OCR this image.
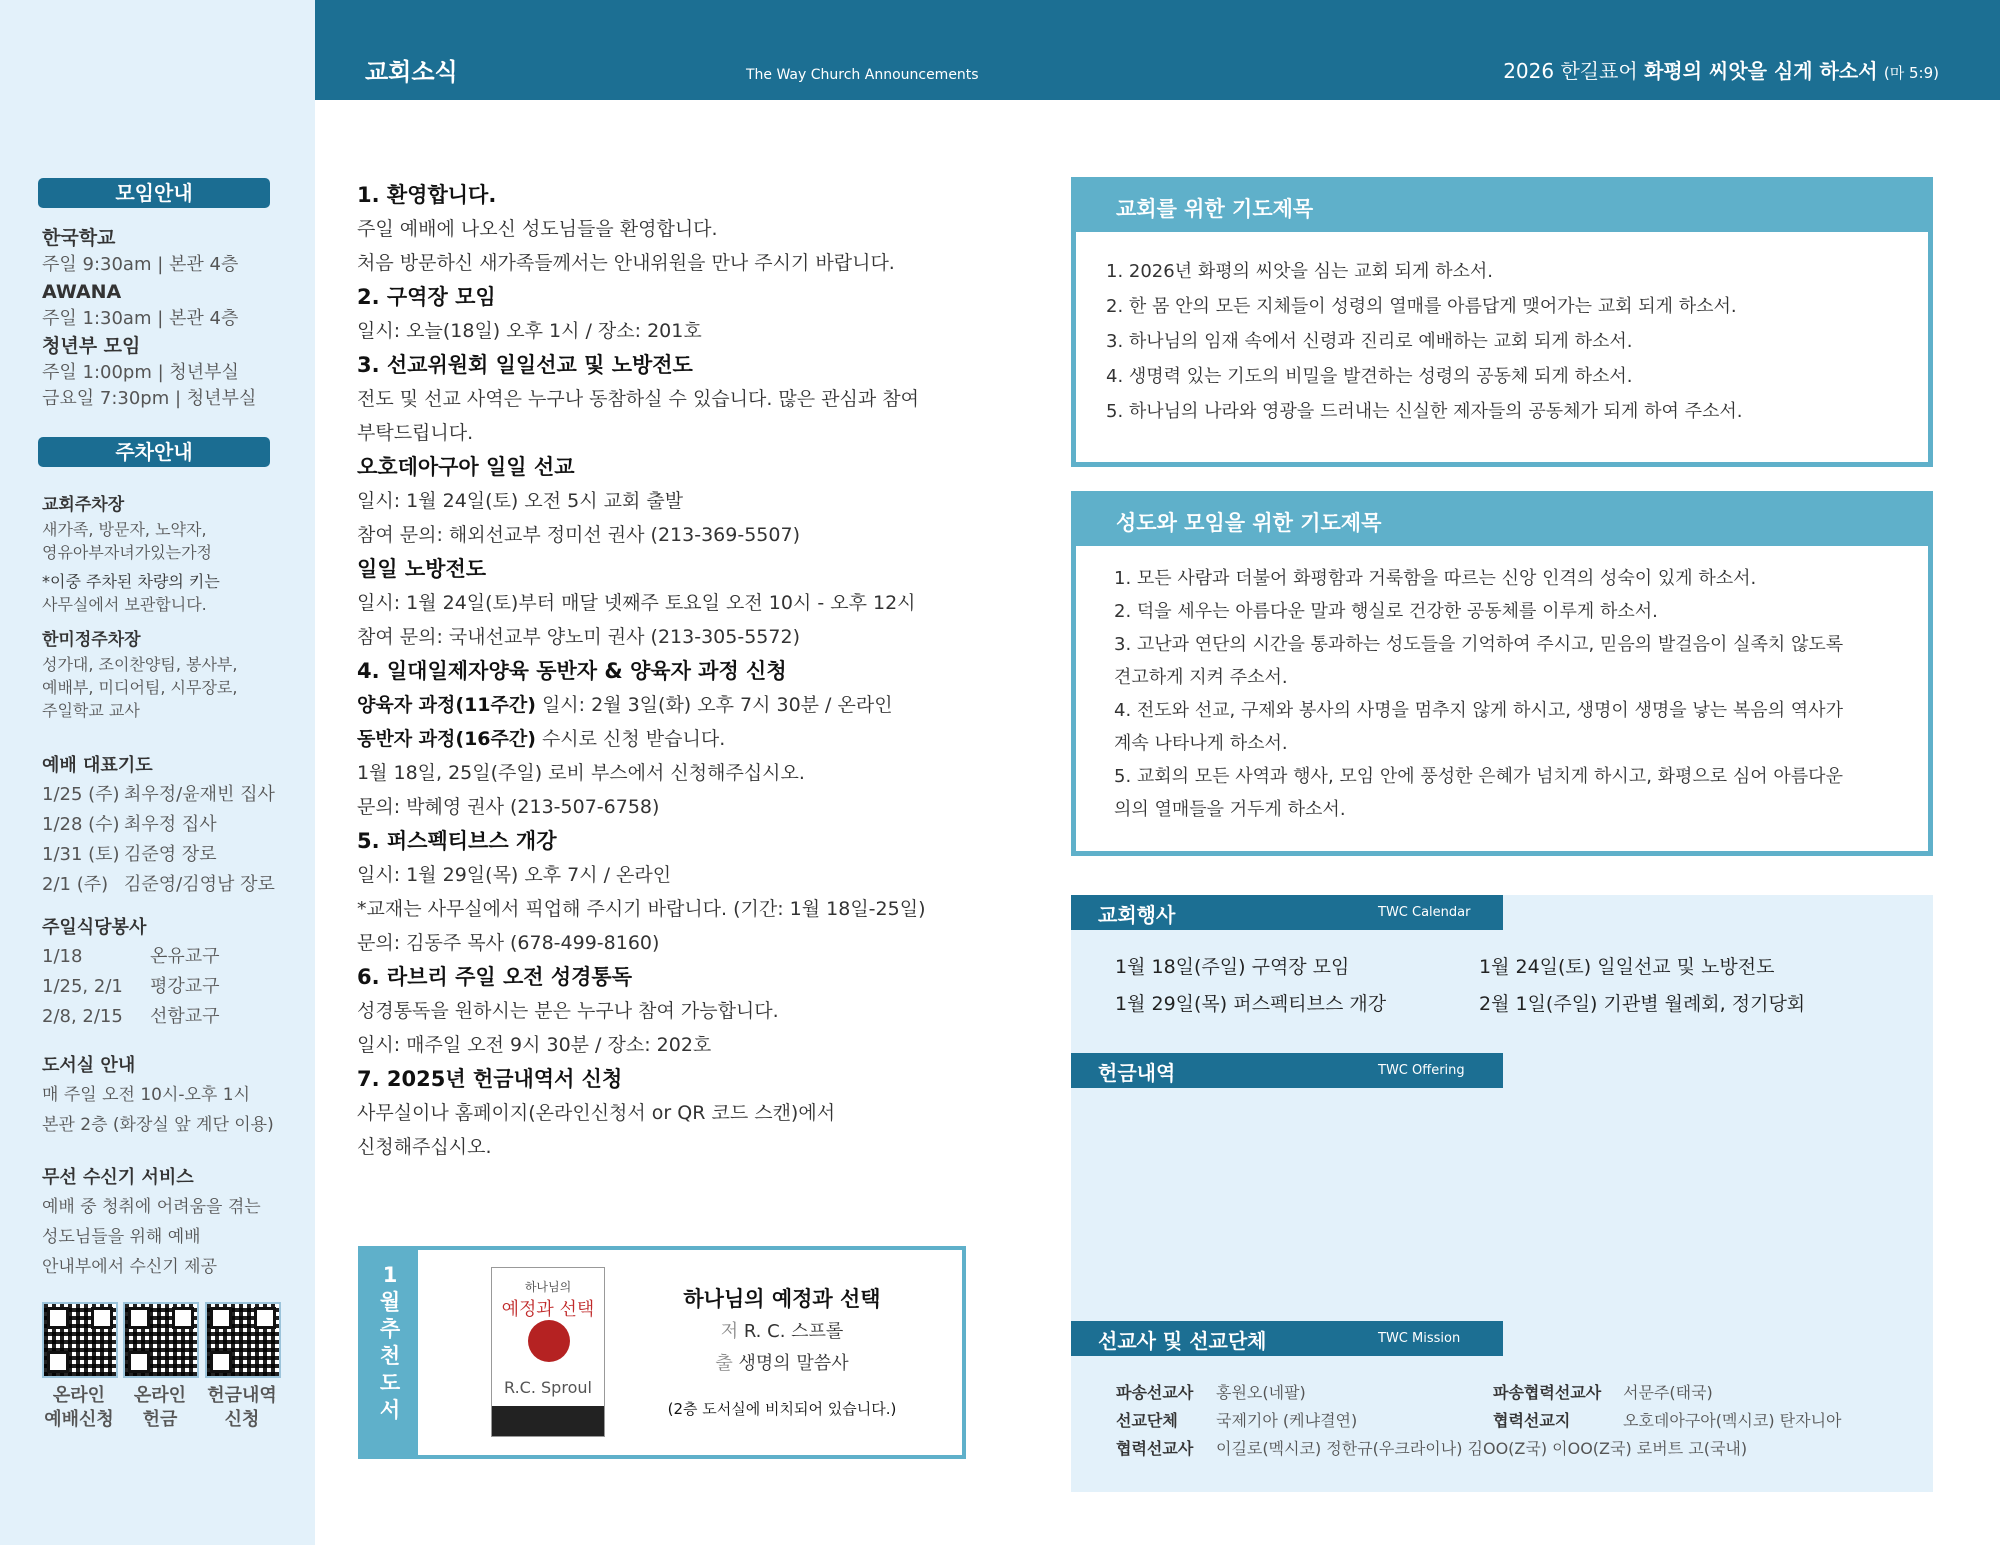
교회소식	The Way Church Announcements	2026 한길표어 화평의 씨앗을 심게 하소서 (마 5:9)
모임안내
한국학교
주일 9:30am | 본관 4층
AWANA
주일 1:30am | 본관 4층
청년부 모임
주일 1:00pm | 청년부실
금요일 7:30pm | 청년부실
주차안내
교회주차장
새가족, 방문자, 노약자,
영유아부자녀가있는가정
*이중 주차된 차량의 키는
사무실에서 보관합니다.
한미정주차장
성가대, 조이찬양팀, 봉사부,
예배부, 미디어팀, 시무장로,
주일학교 교사
예배 대표기도
1/25 (주) 최우정/윤재빈 집사
1/28 (수) 최우정 집사
1/31 (토) 김준영 장로
2/1 (주) 김준영/김영남 장로
주일식당봉사
1/18	온유교구
1/25, 2/1	평강교구
2/8, 2/15	선함교구
도서실 안내
매 주일 오전 10시-오후 1시
본관 2층 (화장실 앞 계단 이용)
무선 수신기 서비스
예배 중 청취에 어려움을 겪는
성도님들을 위해 예배
안내부에서 수신기 제공
온라인
예배신청
온라인
헌금
헌금내역
신청
1. 환영합니다.
주일 예배에 나오신 성도님들을 환영합니다.
처음 방문하신 새가족들께서는 안내위원을 만나 주시기 바랍니다.
2. 구역장 모임
일시: 오늘(18일) 오후 1시 / 장소: 201호
3. 선교위원회 일일선교 및 노방전도
전도 및 선교 사역은 누구나 동참하실 수 있습니다. 많은 관심과 참여
부탁드립니다.
오호데아구아 일일 선교
일시: 1월 24일(토) 오전 5시 교회 출발
참여 문의: 해외선교부 정미선 권사 (213-369-5507)
일일 노방전도
일시: 1월 24일(토)부터 매달 넷째주 토요일 오전 10시 - 오후 12시
참여 문의: 국내선교부 양노미 권사 (213-305-5572)
4. 일대일제자양육 동반자 & 양육자 과정 신청
양육자 과정(11주간) 일시: 2월 3일(화) 오후 7시 30분 / 온라인
동반자 과정(16주간) 수시로 신청 받습니다.
1월 18일, 25일(주일) 로비 부스에서 신청해주십시오.
문의: 박혜영 권사 (213-507-6758)
5. 퍼스펙티브스 개강
일시: 1월 29일(목) 오후 7시 / 온라인
*교재는 사무실에서 픽업해 주시기 바랍니다. (기간: 1월 18일-25일)
문의: 김동주 목사 (678-499-8160)
6. 라브리 주일 오전 성경통독
성경통독을 원하시는 분은 누구나 참여 가능합니다.
일시: 매주일 오전 9시 30분 / 장소: 202호
7. 2025년 헌금내역서 신청
사무실이나 홈페이지(온라인신청서 or QR 코드 스캔)에서
신청해주십시오.
1
월
추
천
도
서
하나님의
예정과 선택
R.C. Sproul
하나님의 예정과 선택
저 R. C. 스프롤
출 생명의 말씀사
(2층 도서실에 비치되어 있습니다.)
교회를 위한 기도제목
1. 2026년 화평의 씨앗을 심는 교회 되게 하소서.
2. 한 몸 안의 모든 지체들이 성령의 열매를 아름답게 맺어가는 교회 되게 하소서.
3. 하나님의 임재 속에서 신령과 진리로 예배하는 교회 되게 하소서.
4. 생명력 있는 기도의 비밀을 발견하는 성령의 공동체 되게 하소서.
5. 하나님의 나라와 영광을 드러내는 신실한 제자들의 공동체가 되게 하여 주소서.
성도와 모임을 위한 기도제목
1. 모든 사람과 더불어 화평함과 거룩함을 따르는 신앙 인격의 성숙이 있게 하소서.
2. 덕을 세우는 아름다운 말과 행실로 건강한 공동체를 이루게 하소서.
3. 고난과 연단의 시간을 통과하는 성도들을 기억하여 주시고, 믿음의 발걸음이 실족치 않도록
견고하게 지켜 주소서.
4. 전도와 선교, 구제와 봉사의 사명을 멈추지 않게 하시고, 생명이 생명을 낳는 복음의 역사가
계속 나타나게 하소서.
5. 교회의 모든 사역과 행사, 모임 안에 풍성한 은혜가 넘치게 하시고, 화평으로 심어 아름다운
의의 열매들을 거두게 하소서.
교회행사	TWC Calendar
1월 18일(주일) 구역장 모임	1월 24일(토) 일일선교 및 노방전도
1월 29일(목) 퍼스펙티브스 개강	2월 1일(주일) 기관별 월례회, 정기당회
헌금내역	TWC Offering
선교사 및 선교단체	TWC Mission
파송선교사	홍원오(네팔)	파송협력선교사	서문주(태국)
선교단체	국제기아 (케냐결연)	협력선교지	오호데아구아(멕시코) 탄자니아
협력선교사	이길로(멕시코) 정한규(우크라이나) 김OO(Z국) 이OO(Z국) 로버트 고(국내)
